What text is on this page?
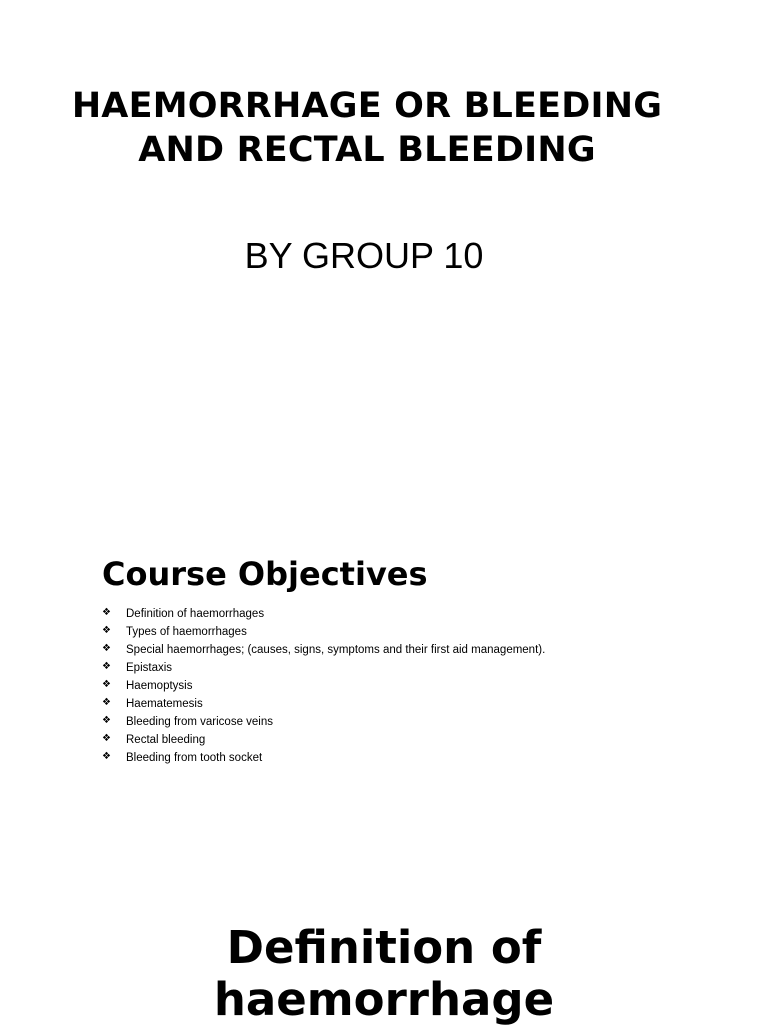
HAEMORRHAGE OR BLEEDING
AND RECTAL BLEEDING

BY GROUP 10

Course Objectives
❖ Definition of haemorrhages
❖ Types of haemorrhages
❖ Special haemorrhages; (causes, signs, symptoms and their first aid management).
❖ Epistaxis
❖ Haemoptysis
❖ Haematemesis
❖ Bleeding from varicose veins
❖ Rectal bleeding
❖ Bleeding from tooth socket
Definition of
haemorrhage
